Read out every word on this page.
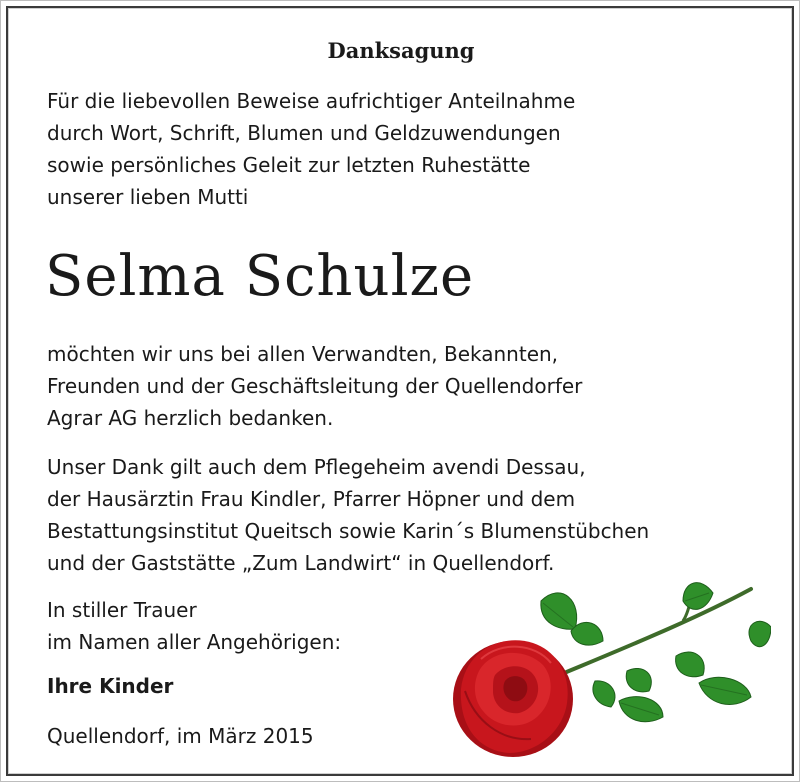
Danksagung
Für die liebevollen Beweise aufrichtiger Anteilnahme
durch Wort, Schrift, Blumen und Geldzuwendungen
sowie persönliches Geleit zur letzten Ruhestätte
unserer lieben Mutti
Selma Schulze
möchten wir uns bei allen Verwandten, Bekannten,
Freunden und der Geschäftsleitung der Quellendorfer
Agrar AG herzlich bedanken.
Unser Dank gilt auch dem Pflegeheim avendi Dessau,
der Hausärztin Frau Kindler, Pfarrer Höpner und dem
Bestattungsinstitut Queitsch sowie Karin´s Blumenstübchen
und der Gaststätte „Zum Landwirt“ in Quellendorf.
In stiller Trauer
im Namen aller Angehörigen:
Ihre Kinder
Quellendorf, im März 2015
